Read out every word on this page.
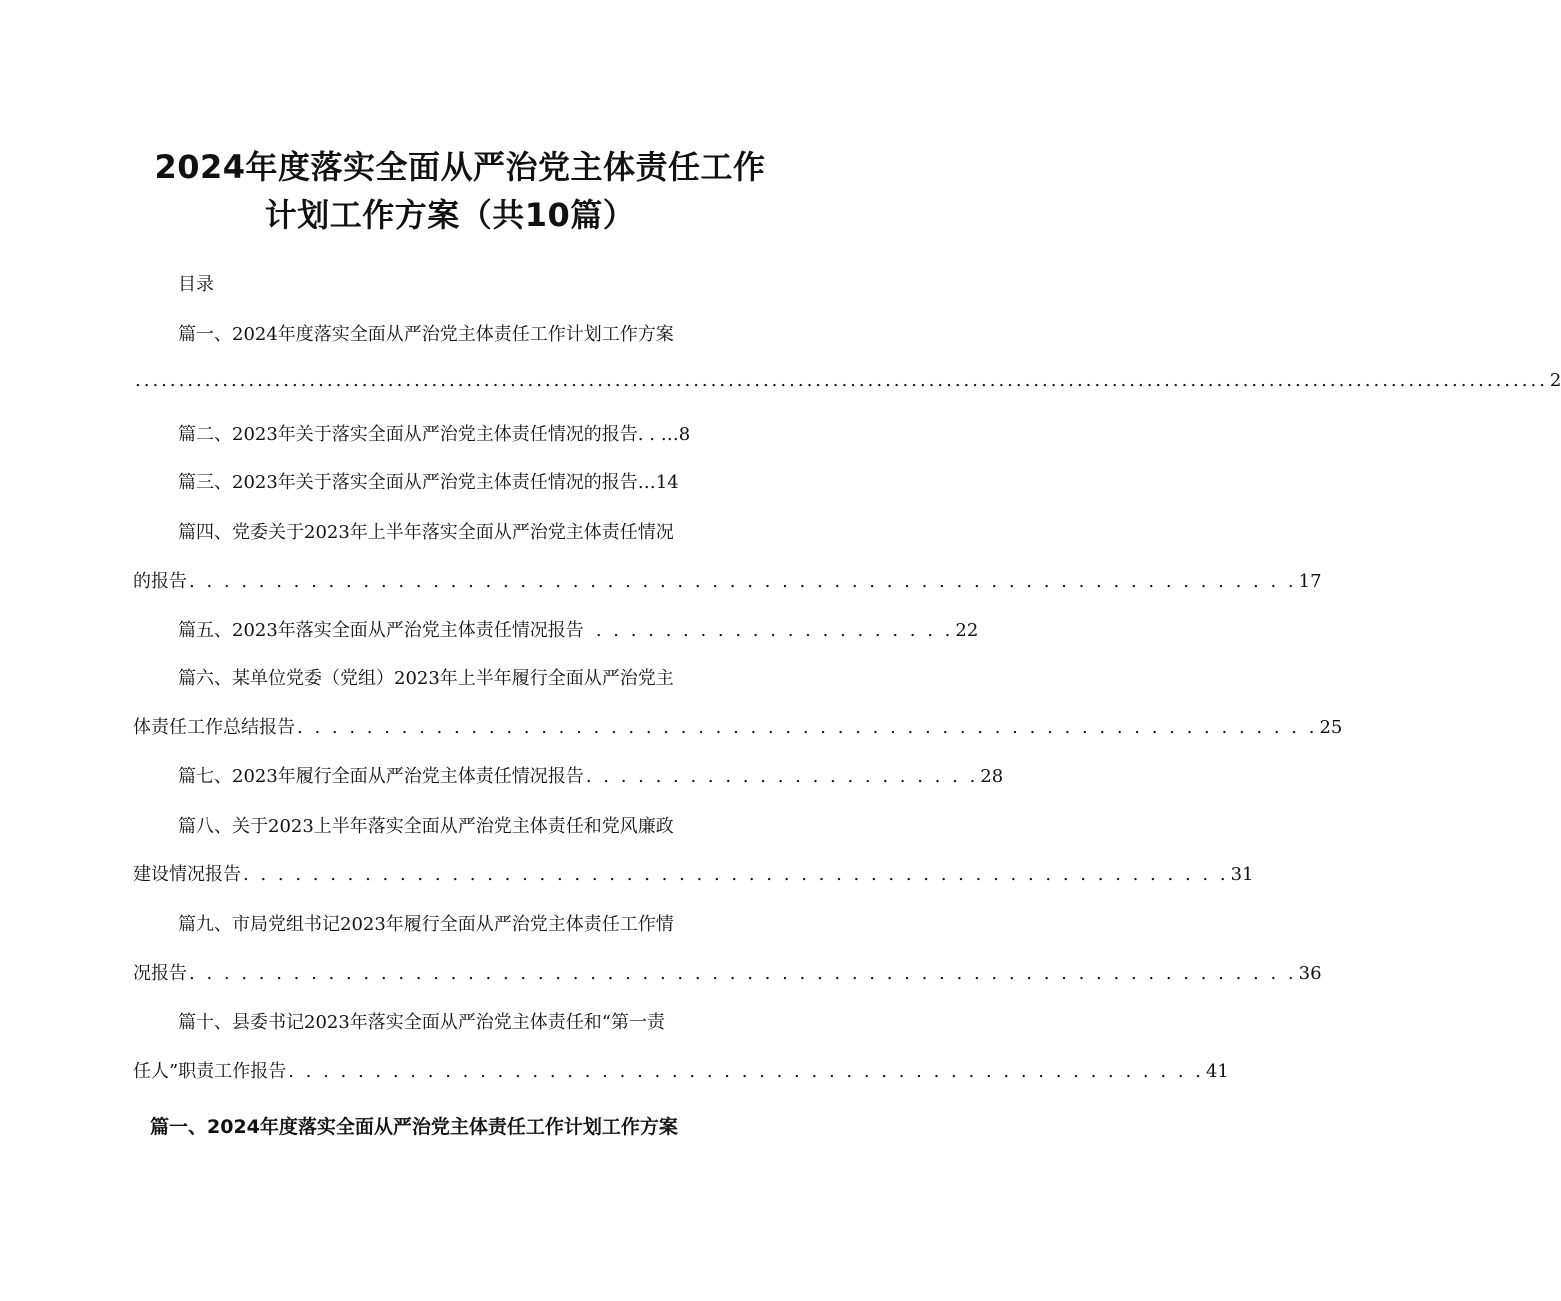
2024年度落实全面从严治党主体责任工作
计划工作方案（共10篇）
目录
篇一、2024年度落实全面从严治党主体责任工作计划工作方案
.................................................................................................................................................................. 2
篇二、2023年关于落实全面从严治党主体责任情况的报告. . … 8
篇三、2023年关于落实全面从严治党主体责任情况的报告… 14
篇四、党委关于2023年上半年落实全面从严治党主体责任情况
的报告 . . . . . . . . . . . . . . . . . . . . . . . . . . . . . . . . . . . . . . . . . . . . . . . . . . . . . . . . . . . . . . . . 17
篇五、2023年落实全面从严治党主体责任情况报告 . . . . . . . . . . . . . . . . . . . . . 22
篇六、某单位党委（党组）2023年上半年履行全面从严治党主
体责任工作总结报告 . . . . . . . . . . . . . . . . . . . . . . . . . . . . . . . . . . . . . . . . . . . . . . . . . . . . . . . . . . . 25
篇七、2023年履行全面从严治党主体责任情况报告 . . . . . . . . . . . . . . . . . . . . . . . 28
篇八、关于2023上半年落实全面从严治党主体责任和党风廉政
建设情况报告 . . . . . . . . . . . . . . . . . . . . . . . . . . . . . . . . . . . . . . . . . . . . . . . . . . . . . . . . . 31
篇九、市局党组书记2023年履行全面从严治党主体责任工作情
况报告 . . . . . . . . . . . . . . . . . . . . . . . . . . . . . . . . . . . . . . . . . . . . . . . . . . . . . . . . . . . . . . . . 36
篇十、县委书记2023年落实全面从严治党主体责任和“第一责
任人”职责工作报告 . . . . . . . . . . . . . . . . . . . . . . . . . . . . . . . . . . . . . . . . . . . . . . . . . . . . . 41
篇一、2024年度落实全面从严治党主体责任工作计划工作方案
